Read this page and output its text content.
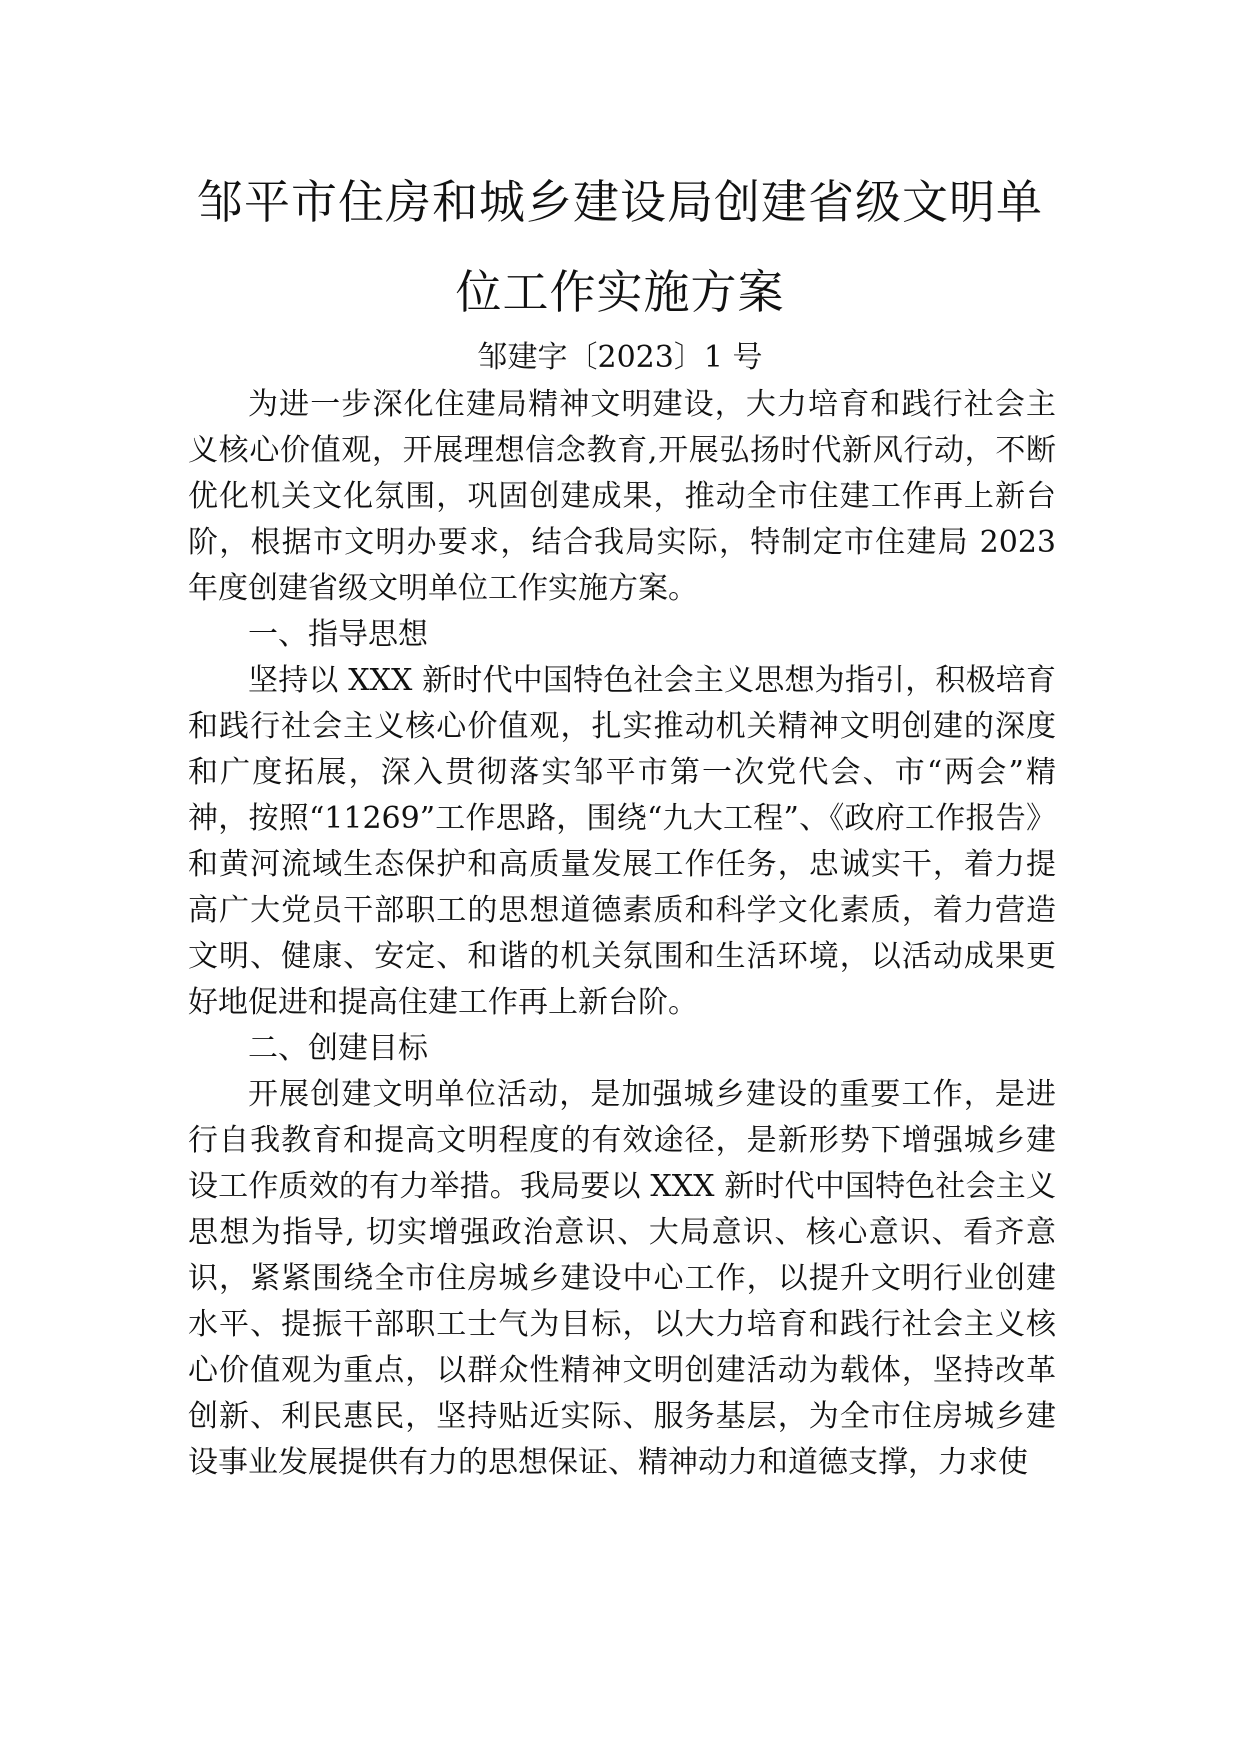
邹平市住房和城乡建设局创建省级文明单
位工作实施方案
邹建字〔2023〕1 号

为进一步深化住建局精神文明建设，大力培育和践行社会主义核心价值观，开展理想信念教育,开展弘扬时代新风行动，不断优化机关文化氛围，巩固创建成果，推动全市住建工作再上新台阶，根据市文明办要求，结合我局实际，特制定市住建局 2023 年度创建省级文明单位工作实施方案。

一、指导思想

坚持以 XXX 新时代中国特色社会主义思想为指引，积极培育和践行社会主义核心价值观，扎实推动机关精神文明创建的深度和广度拓展，深入贯彻落实邹平市第一次党代会、市“两会”精神，按照“11269”工作思路，围绕“九大工程”、《政府工作报告》和黄河流域生态保护和高质量发展工作任务，忠诚实干，着力提高广大党员干部职工的思想道德素质和科学文化素质，着力营造文明、健康、安定、和谐的机关氛围和生活环境，以活动成果更好地促进和提高住建工作再上新台阶。

二、创建目标

开展创建文明单位活动，是加强城乡建设的重要工作，是进行自我教育和提高文明程度的有效途径，是新形势下增强城乡建设工作质效的有力举措。我局要以 XXX 新时代中国特色社会主义思想为指导, 切实增强政治意识、大局意识、核心意识、看齐意识，紧紧围绕全市住房城乡建设中心工作，以提升文明行业创建水平、提振干部职工士气为目标，以大力培育和践行社会主义核心价值观为重点，以群众性精神文明创建活动为载体，坚持改革创新、利民惠民，坚持贴近实际、服务基层，为全市住房城乡建设事业发展提供有力的思想保证、精神动力和道德支撑，力求使
